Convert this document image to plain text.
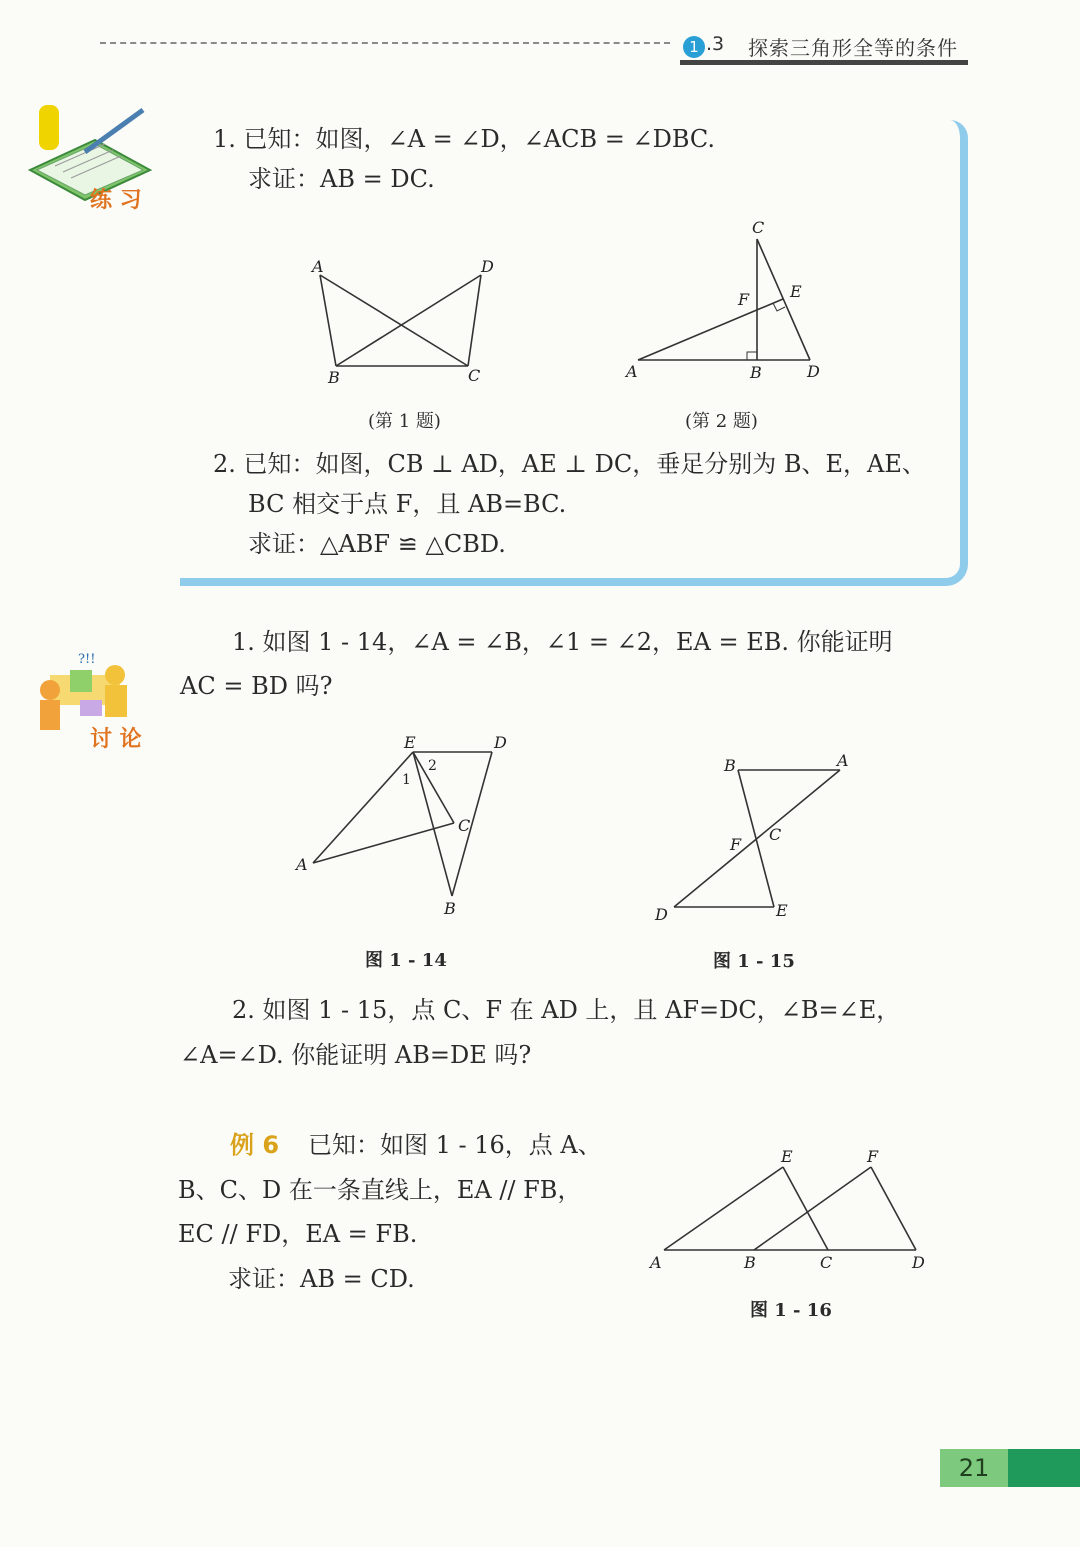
1 .3 探索三角形全等的条件
练 习
1. 已知：如图，∠A = ∠D，∠ACB = ∠DBC.
求证：AB = DC.
A	D
B	C
(第 1 题)
C
E
F
A	B	D
(第 2 题)
2. 已知：如图，CB ⊥ AD，AE ⊥ DC，垂足分别为 B、E，AE、
BC 相交于点 F，且 AB=BC.
求证：△ABF ≌ △CBD.
?!!
讨 论
1. 如图 1 - 14，∠A = ∠B，∠1 = ∠2，EA = EB. 你能证明
AC = BD 吗?
E	D
1
2
C
A
B
图 1 - 14
B	A
F
C
D	E
图 1 - 15
2. 如图 1 - 15，点 C、F 在 AD 上，且 AF=DC，∠B=∠E，
∠A=∠D. 你能证明 AB=DE 吗?
例 6 已知：如图 1 - 16，点 A、
B、C、D 在一条直线上，EA // FB，
EC // FD，EA = FB.
求证：AB = CD.
E	F
A	B	C	D
图 1 - 16
21
